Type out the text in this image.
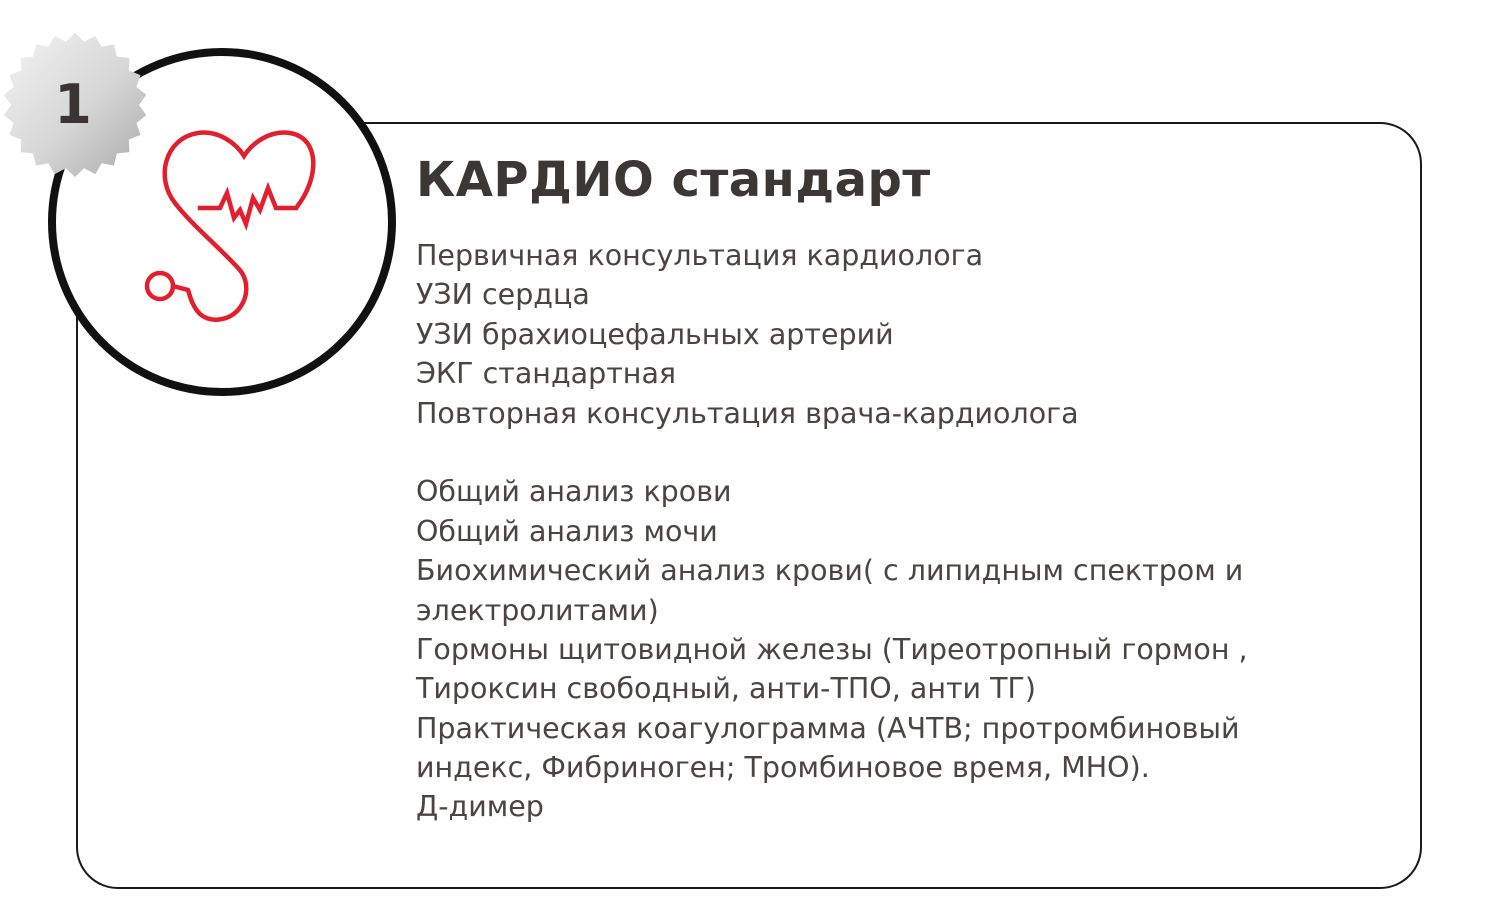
1
КАРДИО стандарт
Первичная консультация кардиолога
УЗИ сердца
УЗИ брахиоцефальных артерий
ЭКГ стандартная
Повторная консультация врача-кардиолога
Общий анализ крови
Общий анализ мочи
Биохимический анализ крови( с липидным спектром и
электролитами)
Гормоны щитовидной железы (Тиреотропный гормон ,
Тироксин свободный, анти-ТПО, анти ТГ)
Практическая коагулограмма (АЧТВ; протромбиновый
индекс, Фибриноген; Тромбиновое время, МНО).
Д-димер
